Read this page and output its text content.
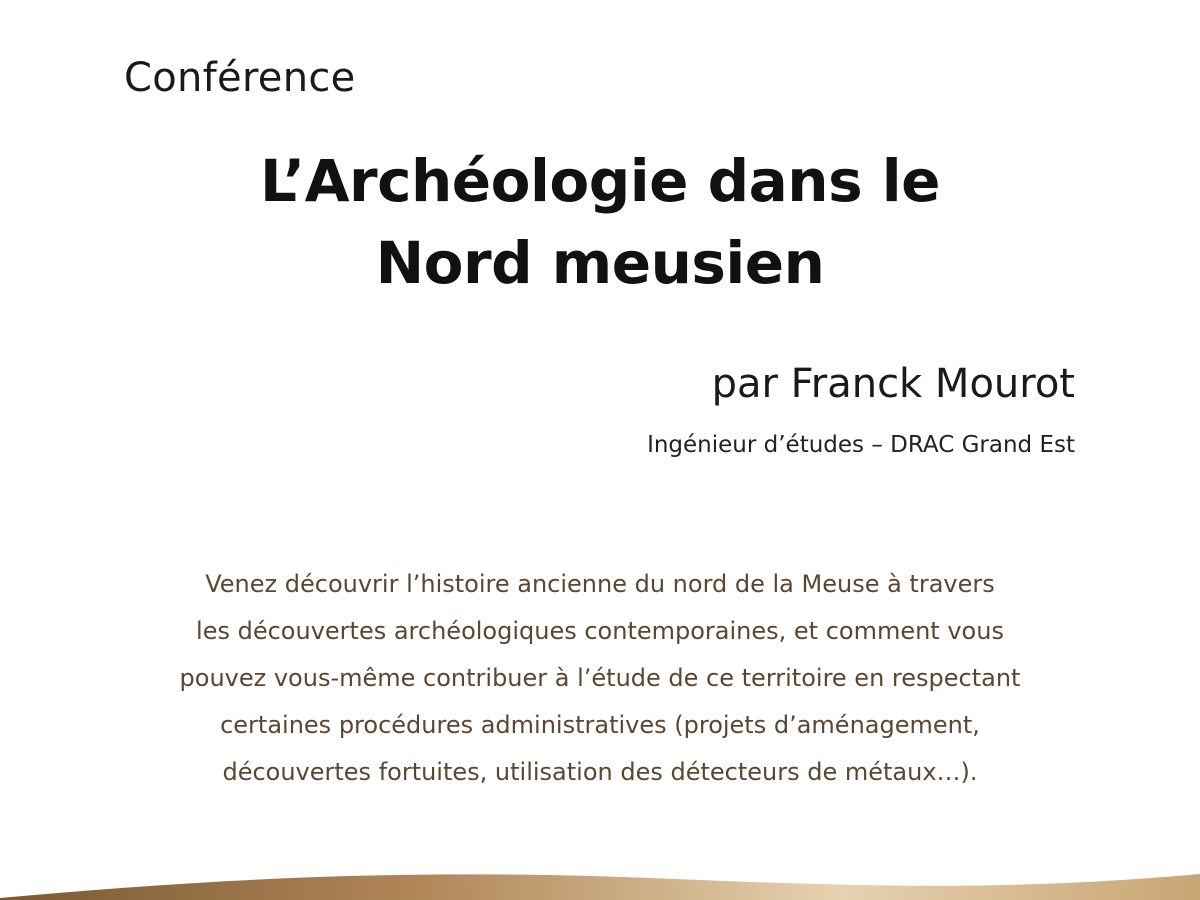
Conférence

L’Archéologie dans le
Nord meusien

par Franck Mourot

Ingénieur d’études – DRAC Grand Est

Venez découvrir l’histoire ancienne du nord de la Meuse à travers
les découvertes archéologiques contemporaines, et comment vous
pouvez vous-même contribuer à l’étude de ce territoire en respectant
certaines procédures administratives (projets d’aménagement,
découvertes fortuites, utilisation des détecteurs de métaux…).
